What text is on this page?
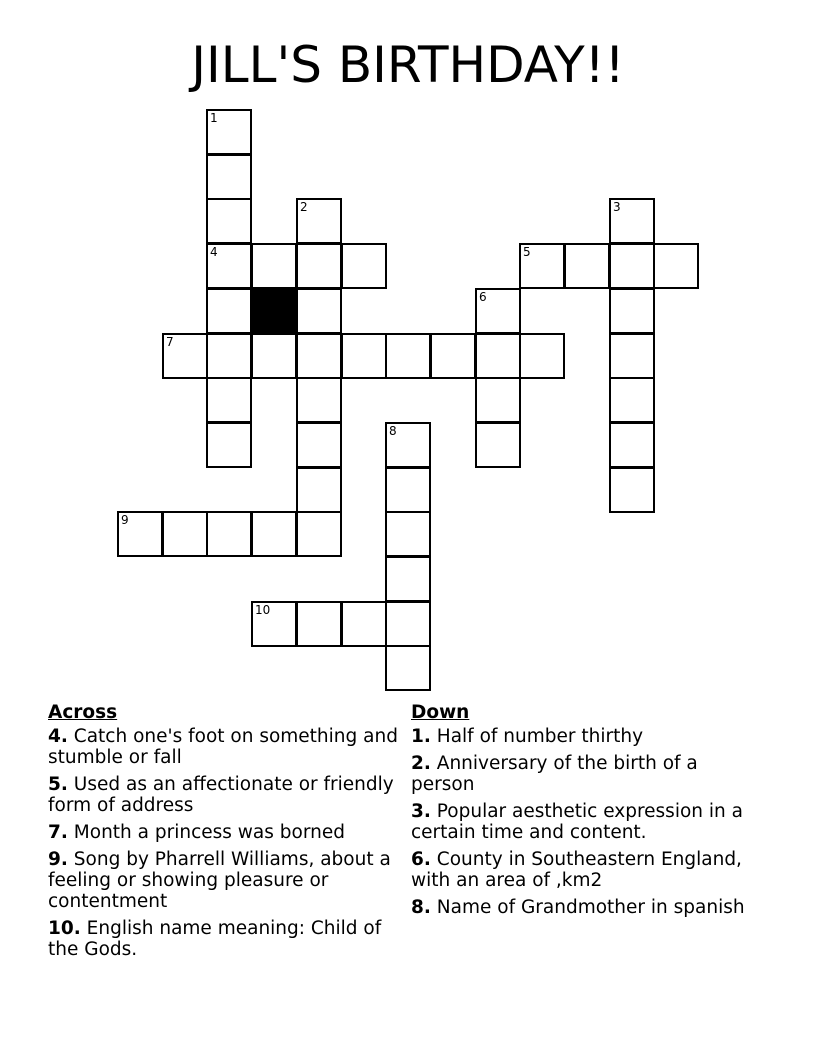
JILL'S BIRTHDAY!!
1
2	3
4	5
6
7
8
9
10
Across
4. Catch one's foot on something and stumble or fall
5. Used as an affectionate or friendly form of address
7. Month a princess was borned
9. Song by Pharrell Williams, about a feeling or showing pleasure or contentment
10. English name meaning: Child of the Gods.
Down
1. Half of number thirthy
2. Anniversary of the birth of a person
3. Popular aesthetic expression in a certain time and content.
6. County in Southeastern England, with an area of ,km2
8. Name of Grandmother in spanish
